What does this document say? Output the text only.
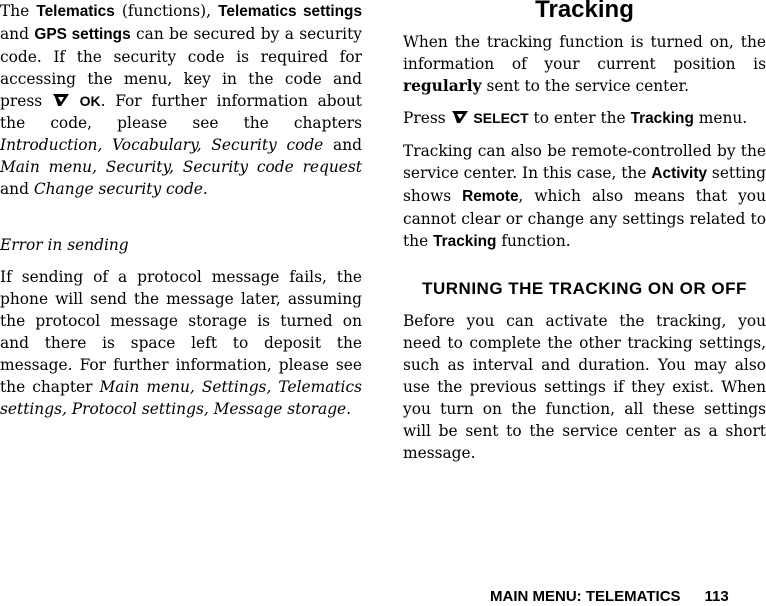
The Telematics (functions), Telematics settings and GPS settings can be secured by a security code. If the security code is required for accessing the menu, key in the code and press
OK. For further information about the code, please see the chapters Introduction, Vocabulary, Security code and Main menu, Security, Security code request and Change security code.

Error in sending

If sending of a protocol message fails, the phone will send the message later, assuming the protocol message storage is turned on and there is space left to deposit the message. For further information, please see the chapter Main menu, Settings, Telematics settings, Protocol settings, Message storage.

Tracking

When the tracking function is turned on, the information of your current position is regularly sent to the service center.

Press
SELECT to enter the Tracking menu.

Tracking can also be remote-controlled by the service center. In this case, the Activity setting shows Remote, which also means that you cannot clear or change any settings related to the Tracking function.

TURNING THE TRACKING ON OR OFF

Before you can activate the tracking, you need to complete the other tracking settings, such as interval and duration. You may also use the previous settings if they exist. When you turn on the function, all these settings will be sent to the service center as a short message.

MAIN MENU: TELEMATICS 113
